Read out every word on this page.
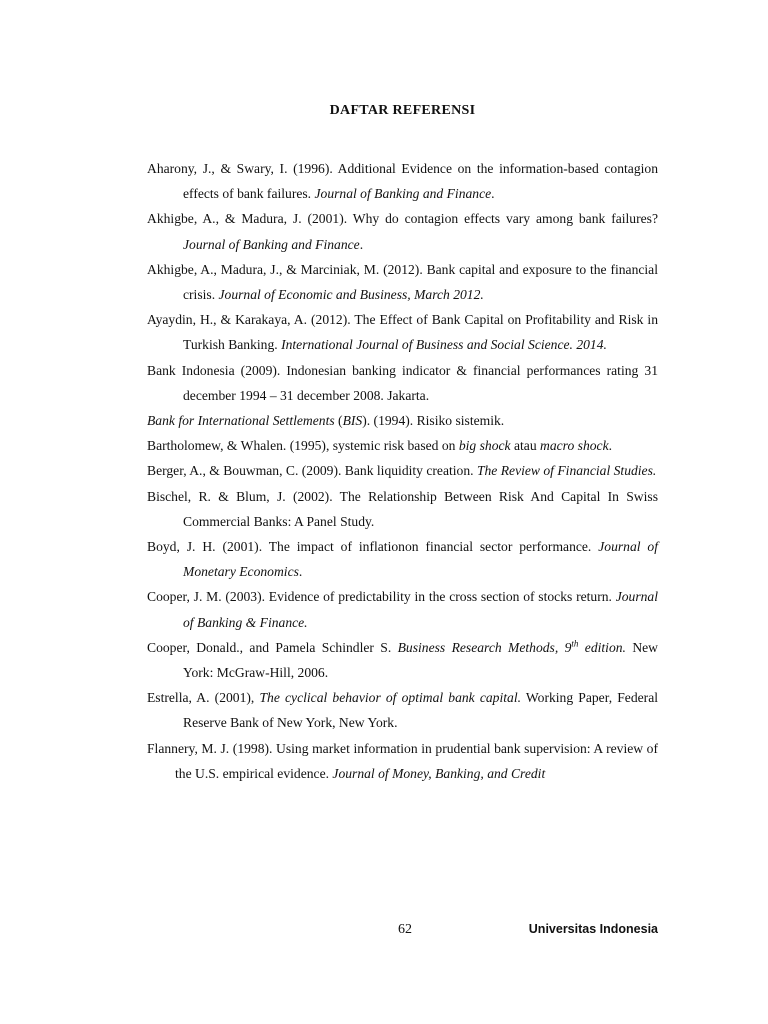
DAFTAR REFERENSI
Aharony, J., & Swary, I. (1996). Additional Evidence on the information-based contagion effects of bank failures. Journal of Banking and Finance.
Akhigbe, A., & Madura, J. (2001). Why do contagion effects vary among bank failures? Journal of Banking and Finance.
Akhigbe, A., Madura, J., & Marciniak, M. (2012). Bank capital and exposure to the financial crisis. Journal of Economic and Business, March 2012.
Ayaydin, H., & Karakaya, A. (2012). The Effect of Bank Capital on Profitability and Risk in Turkish Banking. International Journal of Business and Social Science. 2014.
Bank Indonesia (2009). Indonesian banking indicator & financial performances rating 31 december 1994 – 31 december 2008. Jakarta.
Bank for International Settlements (BIS). (1994). Risiko sistemik.
Bartholomew, & Whalen. (1995), systemic risk based on big shock atau macro shock.
Berger, A., & Bouwman, C. (2009). Bank liquidity creation. The Review of Financial Studies.
Bischel, R. & Blum, J. (2002). The Relationship Between Risk And Capital In Swiss Commercial Banks: A Panel Study.
Boyd, J. H. (2001). The impact of inflationon financial sector performance. Journal of Monetary Economics.
Cooper, J. M. (2003). Evidence of predictability in the cross section of stocks return. Journal of Banking & Finance.
Cooper, Donald., and Pamela Schindler S. Business Research Methods, 9th edition. New York: McGraw-Hill, 2006.
Estrella, A. (2001), The cyclical behavior of optimal bank capital. Working Paper, Federal Reserve Bank of New York, New York.
Flannery, M. J. (1998). Using market information in prudential bank supervision: A review of the U.S. empirical evidence. Journal of Money, Banking, and Credit
62	Universitas Indonesia
